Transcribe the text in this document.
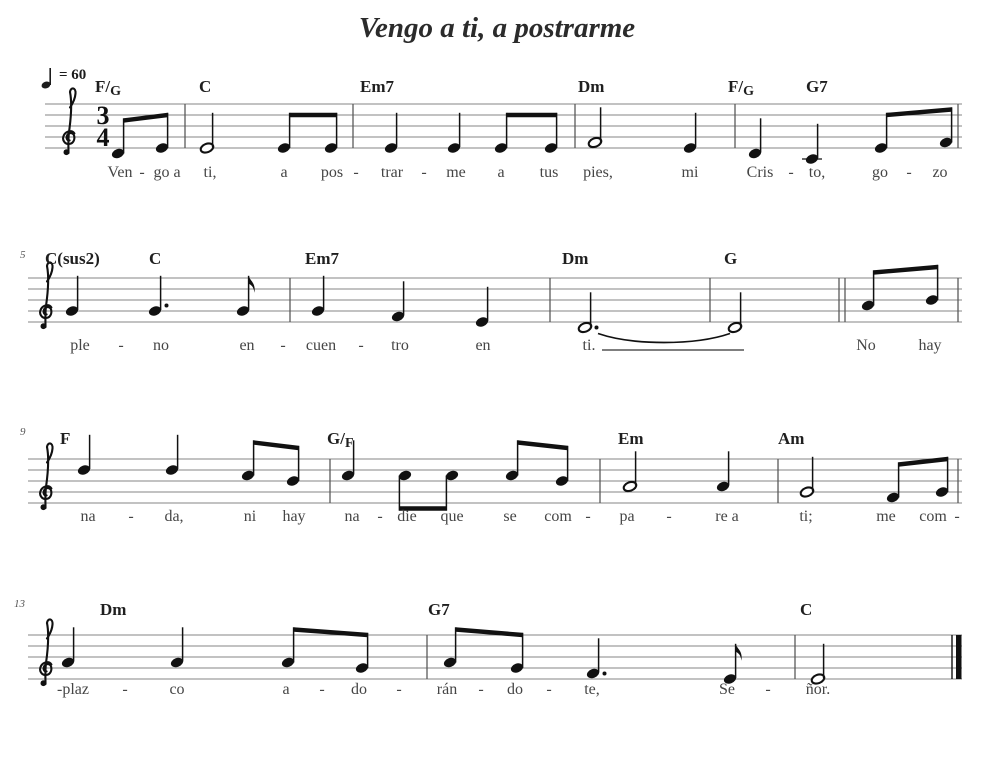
Vengo a ti, a postrarme
= 60
3
4
F/G	C	Em7	Dm	F/G	G7
Ven - go a ti,	a pos - trar - me a tus pies,	mi	Cris - to,	go - zo
C(sus2)	C	Em7	Dm	G
ple - no	en - cuen - tro	en	ti.	No	hay
5
F	G/F	Em	Am
na - da,	ni hay na - die que se com - pa -	re a	ti;	me com -
9
Dm	G7	C
-plaz -	co	a - do - rán - do - te,	Se - ñor.
13
